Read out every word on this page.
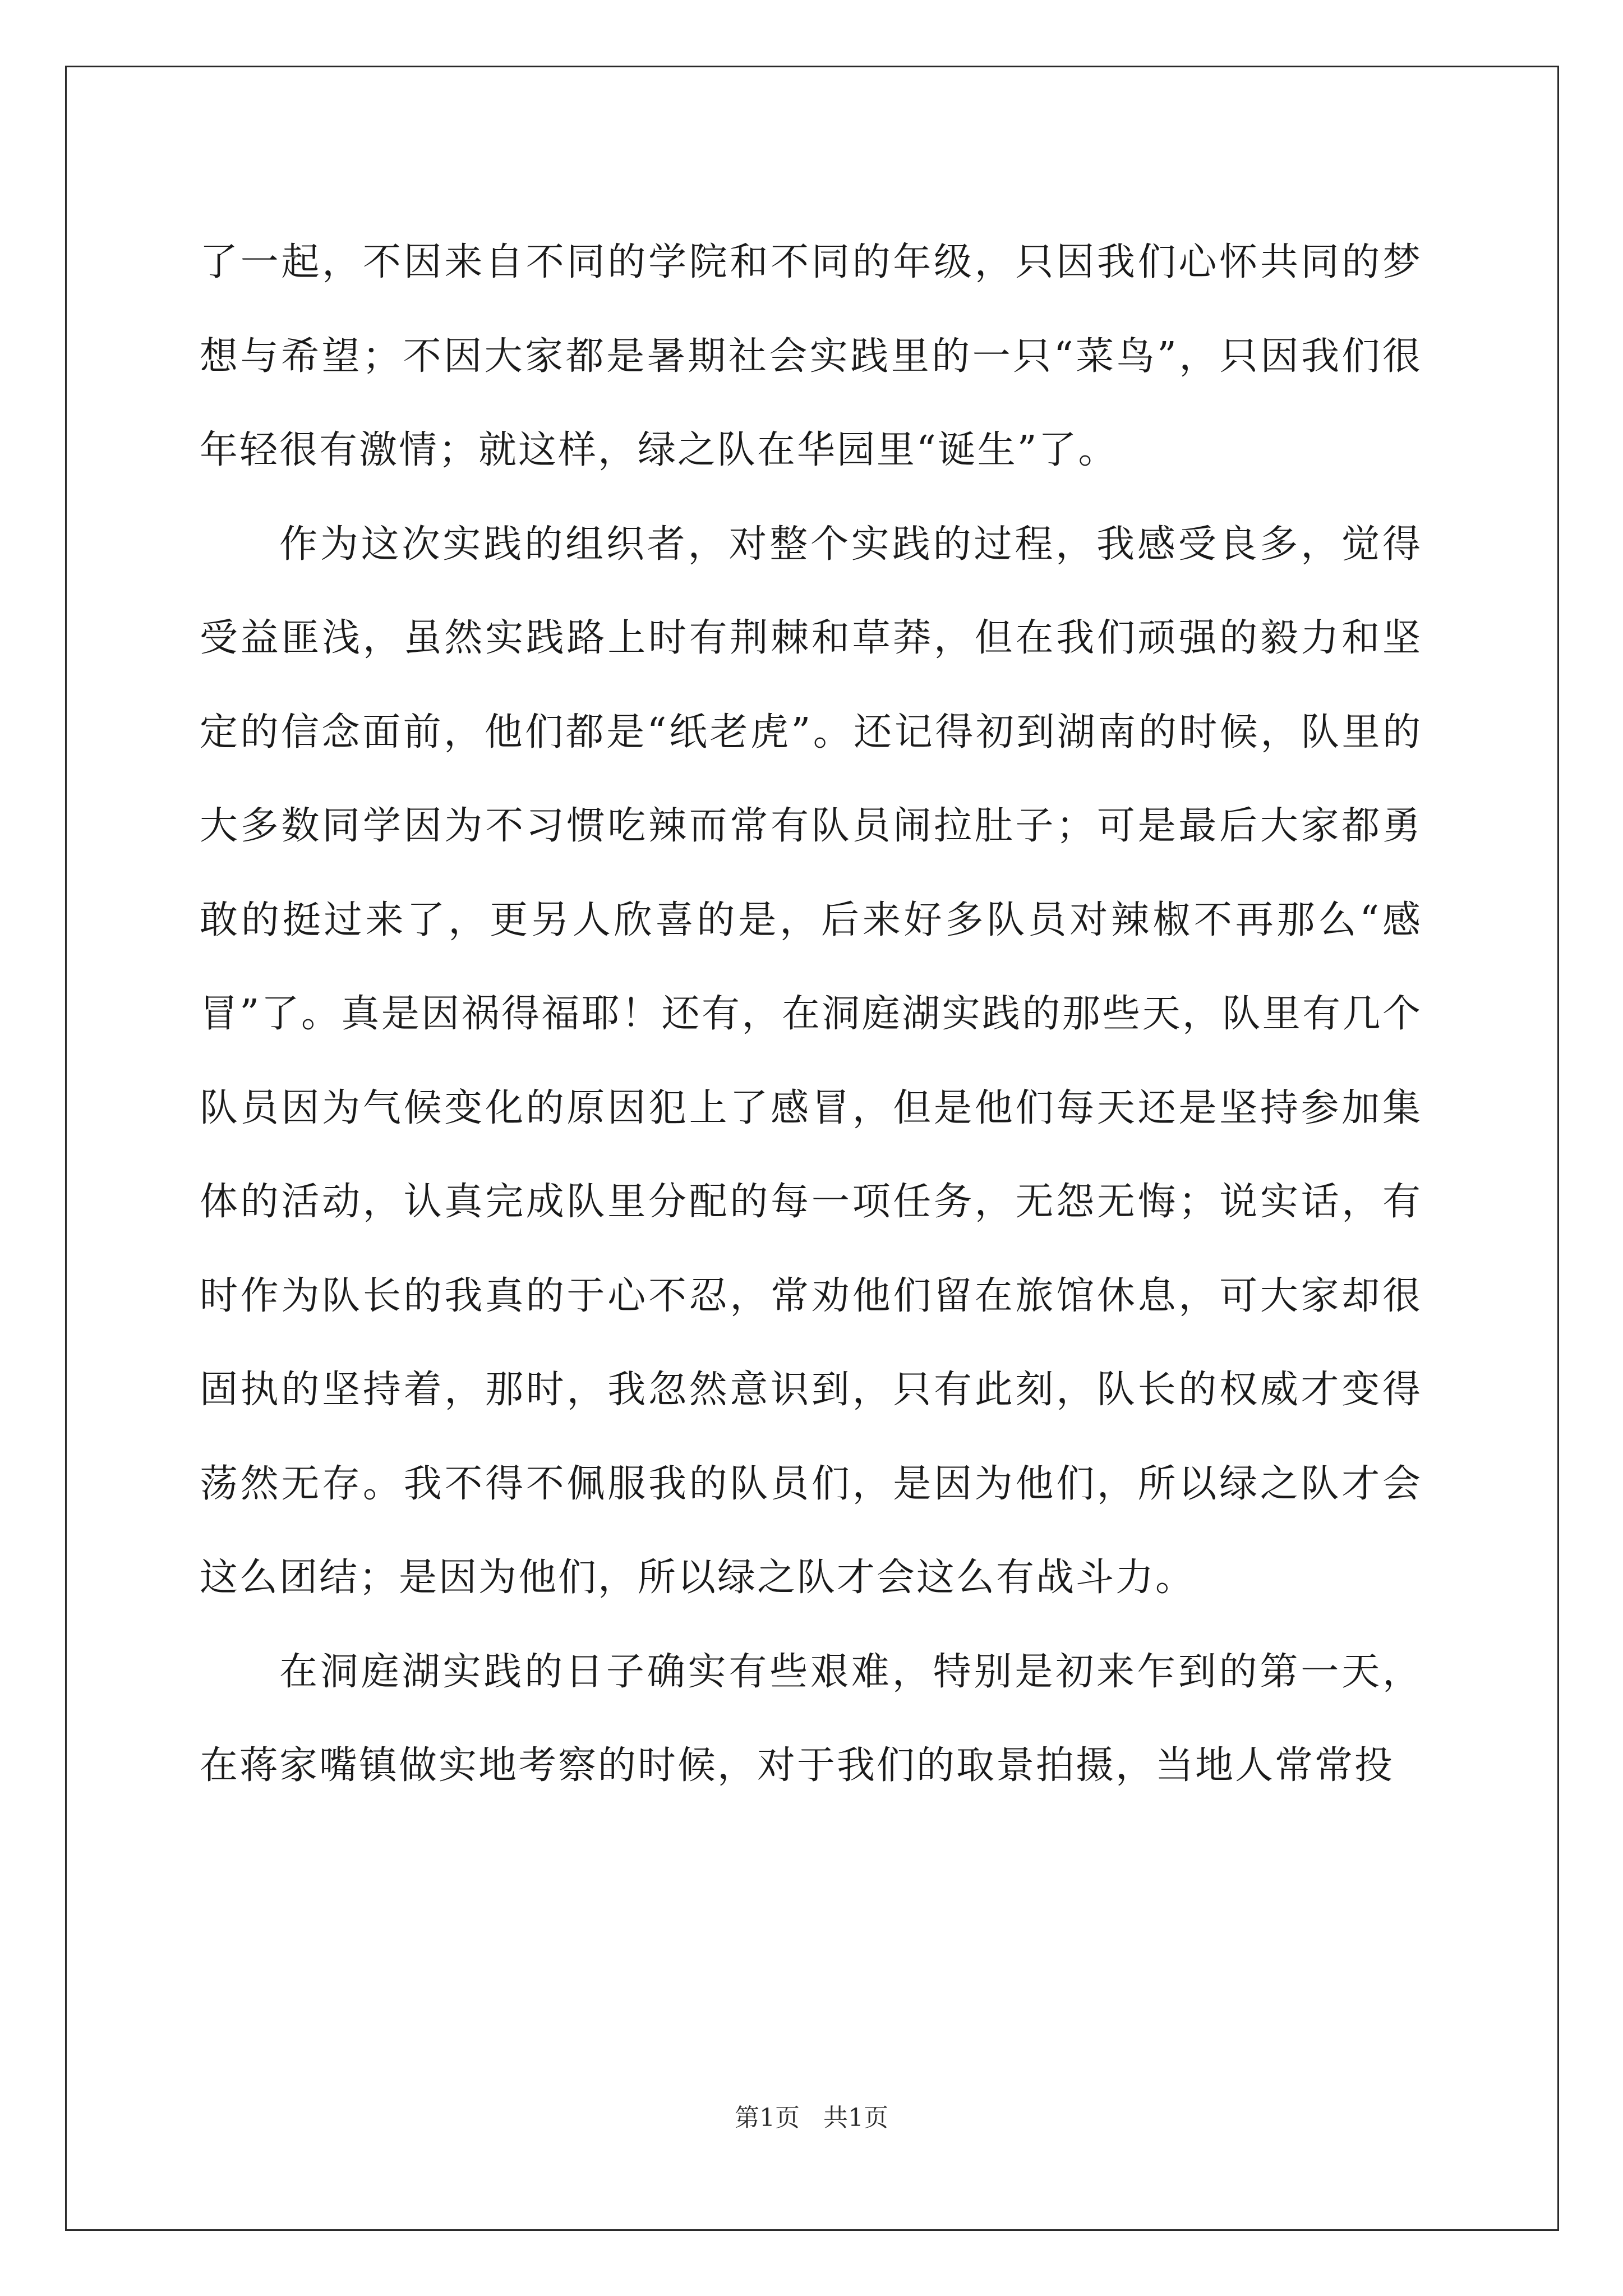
了一起，不因来自不同的学院和不同的年级，只因我们心怀共同的梦想与希望；不因大家都是暑期社会实践里的一只“菜鸟”，只因我们很年轻很有激情；就这样，绿之队在华园里“诞生”了。

作为这次实践的组织者，对整个实践的过程，我感受良多，觉得受益匪浅，虽然实践路上时有荆棘和草莽，但在我们顽强的毅力和坚定的信念面前，他们都是“纸老虎”。还记得初到湖南的时候，队里的大多数同学因为不习惯吃辣而常有队员闹拉肚子；可是最后大家都勇敢的挺过来了，更另人欣喜的是，后来好多队员对辣椒不再那么“感冒”了。真是因祸得福耶！还有，在洞庭湖实践的那些天，队里有几个队员因为气候变化的原因犯上了感冒，但是他们每天还是坚持参加集体的活动，认真完成队里分配的每一项任务，无怨无悔；说实话，有时作为队长的我真的于心不忍，常劝他们留在旅馆休息，可大家却很固执的坚持着，那时，我忽然意识到，只有此刻，队长的权威才变得荡然无存。我不得不佩服我的队员们，是因为他们，所以绿之队才会这么团结；是因为他们，所以绿之队才会这么有战斗力。

在洞庭湖实践的日子确实有些艰难，特别是初来乍到的第一天，在蒋家嘴镇做实地考察的时候，对于我们的取景拍摄，当地人常常投

第1页   共1页
